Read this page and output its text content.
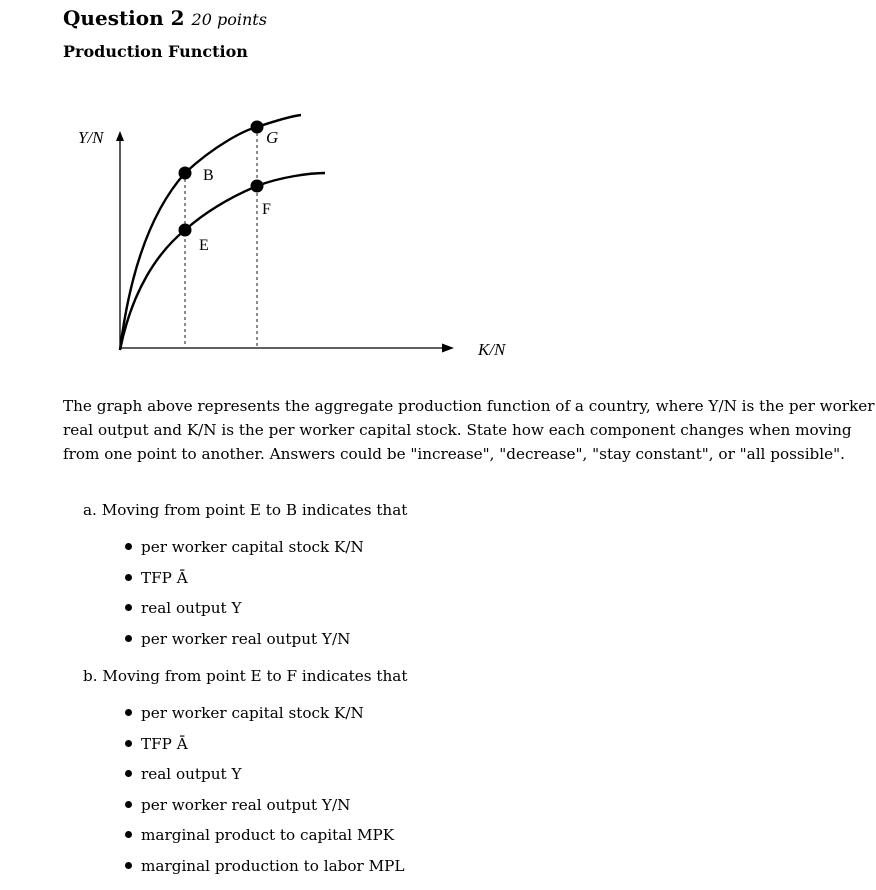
Question 2 20 points
Production Function
Y/N
K/N
B
E
G
F
The graph above represents the aggregate production function of a country, where Y/N is the per worker
real output and K/N is the per worker capital stock. State how each component changes when moving
from one point to another. Answers could be "increase", "decrease", "stay constant", or "all possible".
a. Moving from point E to B indicates that
per worker capital stock K/N
TFP Ā
real output Y
per worker real output Y/N
b. Moving from point E to F indicates that
per worker capital stock K/N
TFP Ā
real output Y
per worker real output Y/N
marginal product to capital MPK
marginal production to labor MPL
